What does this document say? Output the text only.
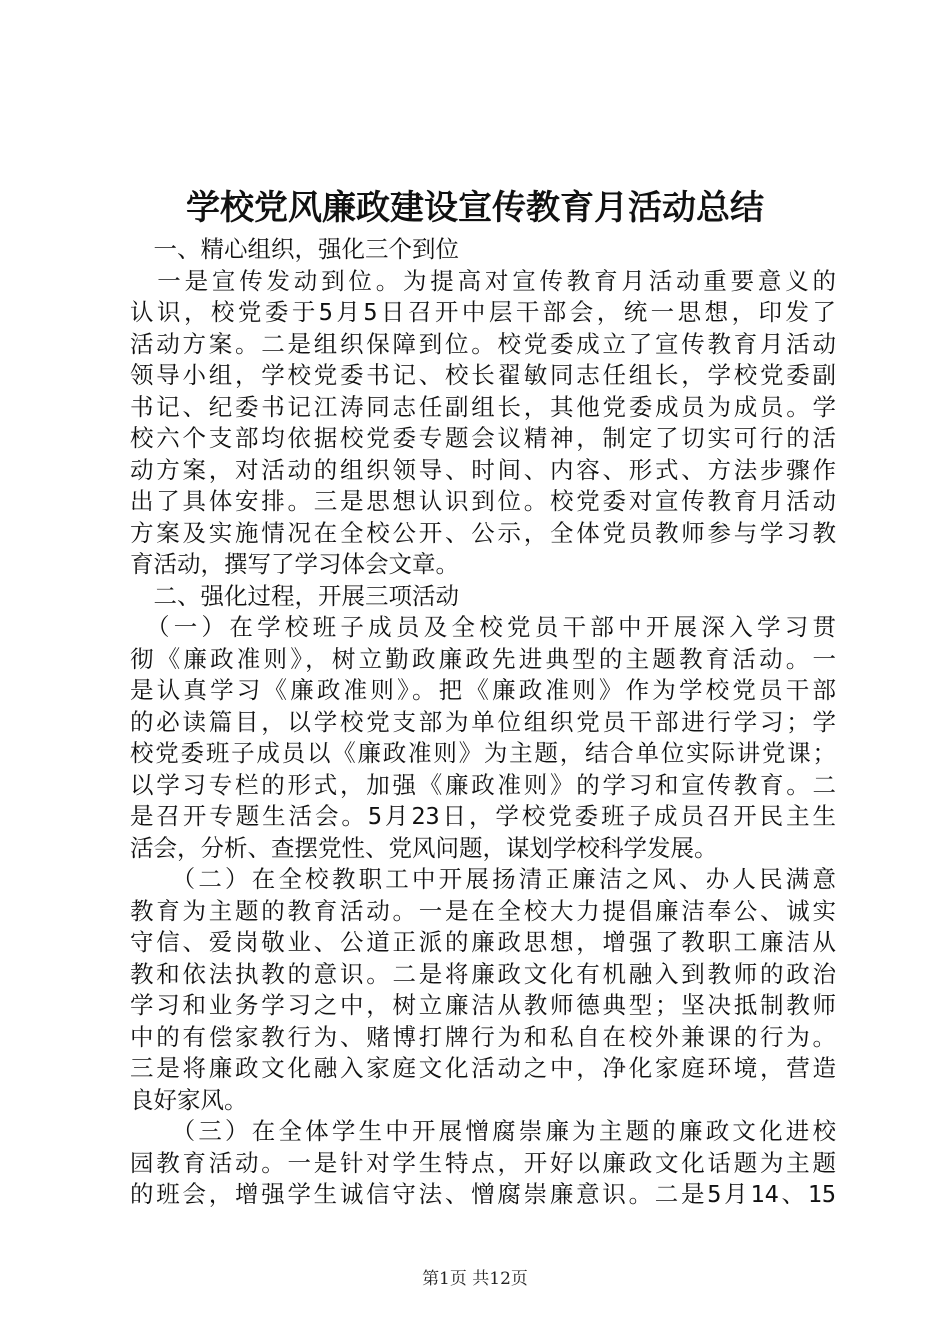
学校党风廉政建设宣传教育月活动总结
　一、精心组织，强化三个到位
　一是宣传发动到位。为提高对宣传教育月活动重要意义的
认识，校党委于5月5日召开中层干部会，统一思想，印发了
活动方案。二是组织保障到位。校党委成立了宣传教育月活动
领导小组，学校党委书记、校长翟敏同志任组长，学校党委副
书记、纪委书记江涛同志任副组长，其他党委成员为成员。学
校六个支部均依据校党委专题会议精神，制定了切实可行的活
动方案，对活动的组织领导、时间、内容、形式、方法步骤作
出了具体安排。三是思想认识到位。校党委对宣传教育月活动
方案及实施情况在全校公开、公示，全体党员教师参与学习教
育活动，撰写了学习体会文章。
　二、强化过程，开展三项活动
　（一）在学校班子成员及全校党员干部中开展深入学习贯
彻《廉政准则》，树立勤政廉政先进典型的主题教育活动。一
是认真学习《廉政准则》。把《廉政准则》作为学校党员干部
的必读篇目，以学校党支部为单位组织党员干部进行学习；学
校党委班子成员以《廉政准则》为主题，结合单位实际讲党课；
以学习专栏的形式，加强《廉政准则》的学习和宣传教育。二
是召开专题生活会。5月23日，学校党委班子成员召开民主生
活会，分析、查摆党性、党风问题，谋划学校科学发展。
　　（二）在全校教职工中开展扬清正廉洁之风、办人民满意
教育为主题的教育活动。一是在全校大力提倡廉洁奉公、诚实
守信、爱岗敬业、公道正派的廉政思想，增强了教职工廉洁从
教和依法执教的意识。二是将廉政文化有机融入到教师的政治
学习和业务学习之中，树立廉洁从教师德典型；坚决抵制教师
中的有偿家教行为、赌博打牌行为和私自在校外兼课的行为。
三是将廉政文化融入家庭文化活动之中，净化家庭环境，营造
良好家风。
　　（三）在全体学生中开展憎腐崇廉为主题的廉政文化进校
园教育活动。一是针对学生特点，开好以廉政文化话题为主题
的班会，增强学生诚信守法、憎腐崇廉意识。二是5月14、15
第1页 共12页
